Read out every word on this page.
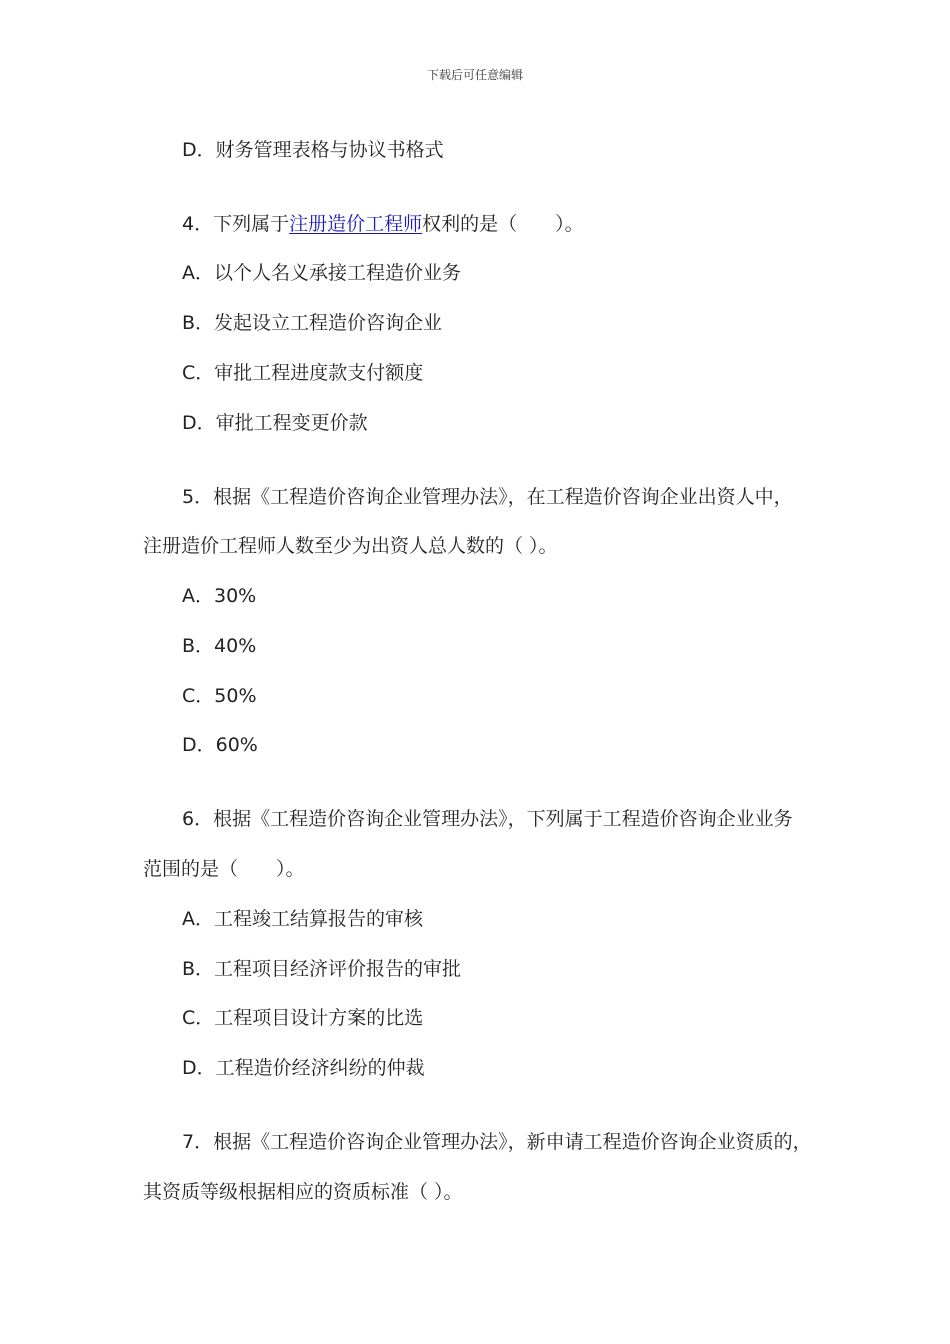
下载后可任意编辑
D．财务管理表格与协议书格式
4．下列属于注册造价工程师权利的是（　　）。
A．以个人名义承接工程造价业务
B．发起设立工程造价咨询企业
C．审批工程进度款支付额度
D．审批工程变更价款
5．根据《工程造价咨询企业管理办法》，在工程造价咨询企业出资人中，
注册造价工程师人数至少为出资人总人数的（ ）。
A．30%
B．40%
C．50%
D．60%
6．根据《工程造价咨询企业管理办法》，下列属于工程造价咨询企业业务
范围的是（　　）。
A．工程竣工结算报告的审核
B．工程项目经济评价报告的审批
C．工程项目设计方案的比选
D．工程造价经济纠纷的仲裁
7．根据《工程造价咨询企业管理办法》，新申请工程造价咨询企业资质的，
其资质等级根据相应的资质标准（ ）。
